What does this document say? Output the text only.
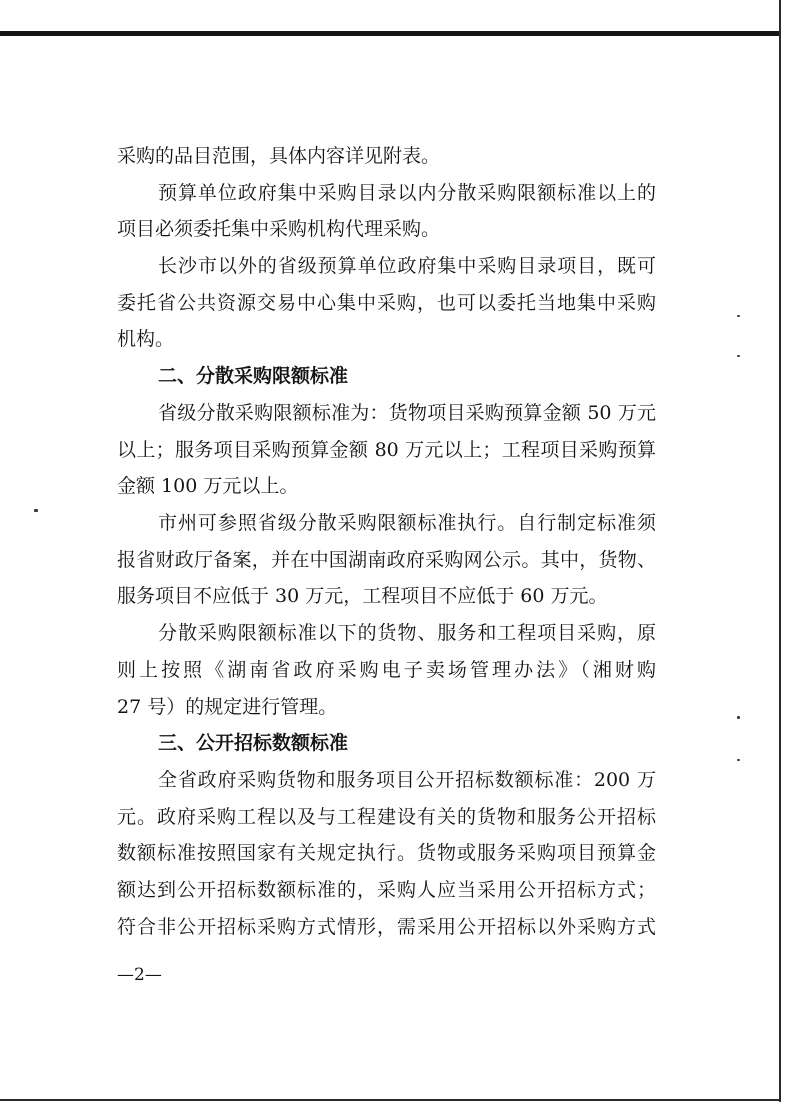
采购的品目范围，具体内容详见附表。
预算单位政府集中采购目录以内分散采购限额标准以上的
项目必须委托集中采购机构代理采购。
长沙市以外的省级预算单位政府集中采购目录项目，既可
委托省公共资源交易中心集中采购，也可以委托当地集中采购
机构。
二、分散采购限额标准
省级分散采购限额标准为：货物项目采购预算金额 50 万元
以上；服务项目采购预算金额 80 万元以上；工程项目采购预算
金额 100 万元以上。
市州可参照省级分散采购限额标准执行。自行制定标准须
报省财政厅备案，并在中国湖南政府采购网公示。其中，货物、
服务项目不应低于 30 万元，工程项目不应低于 60 万元。
分散采购限额标准以下的货物、服务和工程项目采购，原
则上按照《湖南省政府采购电子卖场管理办法》（湘财购
27 号）的规定进行管理。
三、公开招标数额标准
全省政府采购货物和服务项目公开招标数额标准：200 万
元。政府采购工程以及与工程建设有关的货物和服务公开招标
数额标准按照国家有关规定执行。货物或服务采购项目预算金
额达到公开招标数额标准的，采购人应当采用公开招标方式；
符合非公开招标采购方式情形，需采用公开招标以外采购方式
—2—
